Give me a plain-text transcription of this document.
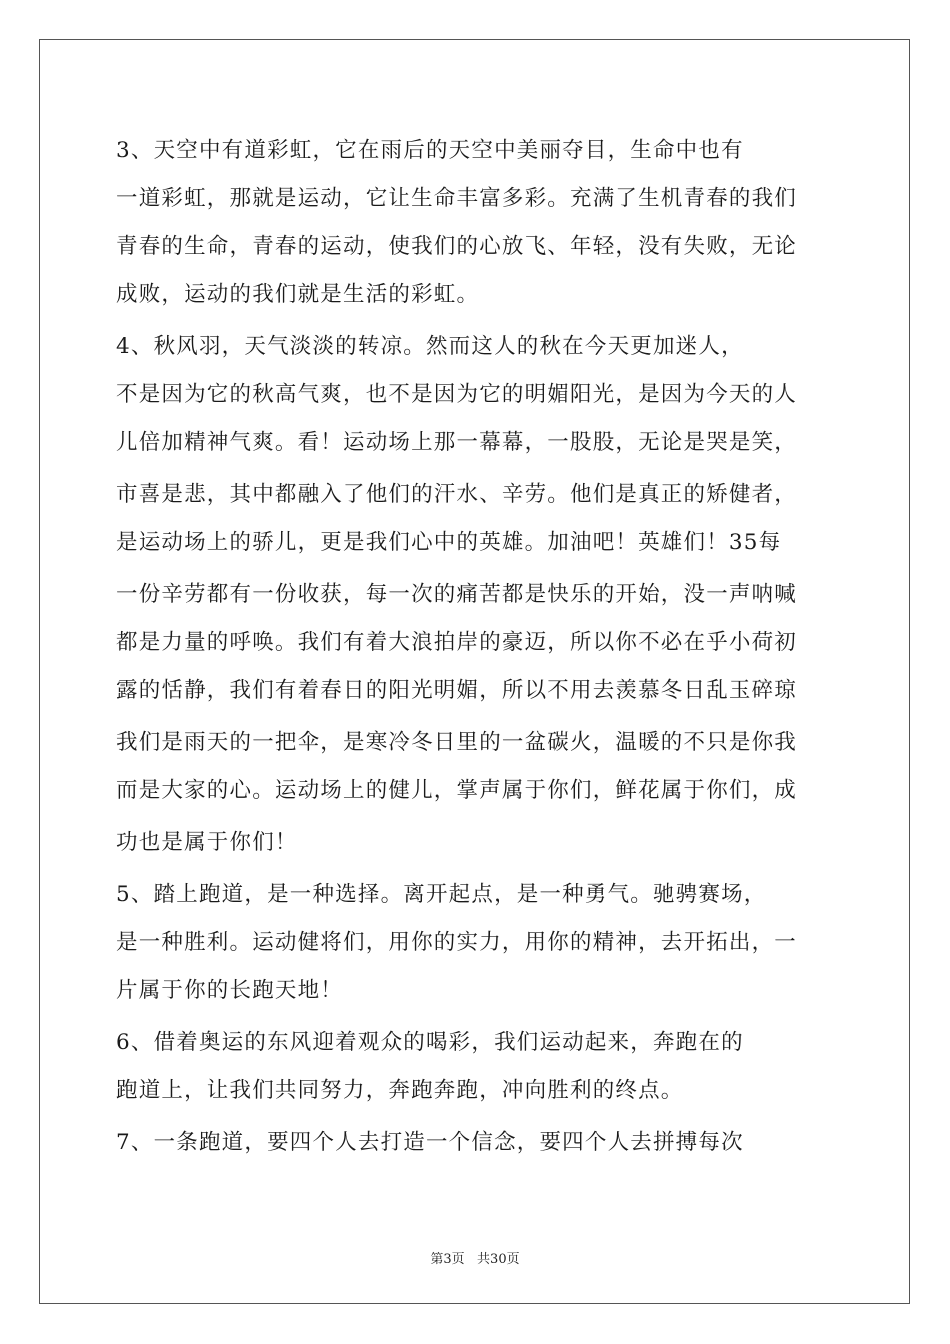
3、天空中有道彩虹，它在雨后的天空中美丽夺目，生命中也有
一道彩虹，那就是运动，它让生命丰富多彩。充满了生机青春的我们
青春的生命，青春的运动，使我们的心放飞、年轻，没有失败，无论
成败，运动的我们就是生活的彩虹。
4、秋风羽，天气淡淡的转凉。然而这人的秋在今天更加迷人，
不是因为它的秋高气爽，也不是因为它的明媚阳光，是因为今天的人
儿倍加精神气爽。看！运动场上那一幕幕，一股股，无论是哭是笑，
市喜是悲，其中都融入了他们的汗水、辛劳。他们是真正的矫健者，
是运动场上的骄儿，更是我们心中的英雄。加油吧！英雄们！35每
一份辛劳都有一份收获，每一次的痛苦都是快乐的开始，没一声呐喊
都是力量的呼唤。我们有着大浪拍岸的豪迈，所以你不必在乎小荷初
露的恬静，我们有着春日的阳光明媚，所以不用去羡慕冬日乱玉碎琼
我们是雨天的一把伞，是寒冷冬日里的一盆碳火，温暖的不只是你我
而是大家的心。运动场上的健儿，掌声属于你们，鲜花属于你们，成
功也是属于你们！
5、踏上跑道，是一种选择。离开起点，是一种勇气。驰骋赛场，
是一种胜利。运动健将们，用你的实力，用你的精神，去开拓出，一
片属于你的长跑天地！
6、借着奥运的东风迎着观众的喝彩，我们运动起来，奔跑在的
跑道上，让我们共同努力，奔跑奔跑，冲向胜利的终点。
7、一条跑道，要四个人去打造一个信念，要四个人去拼搏每次
第3页   共30页
